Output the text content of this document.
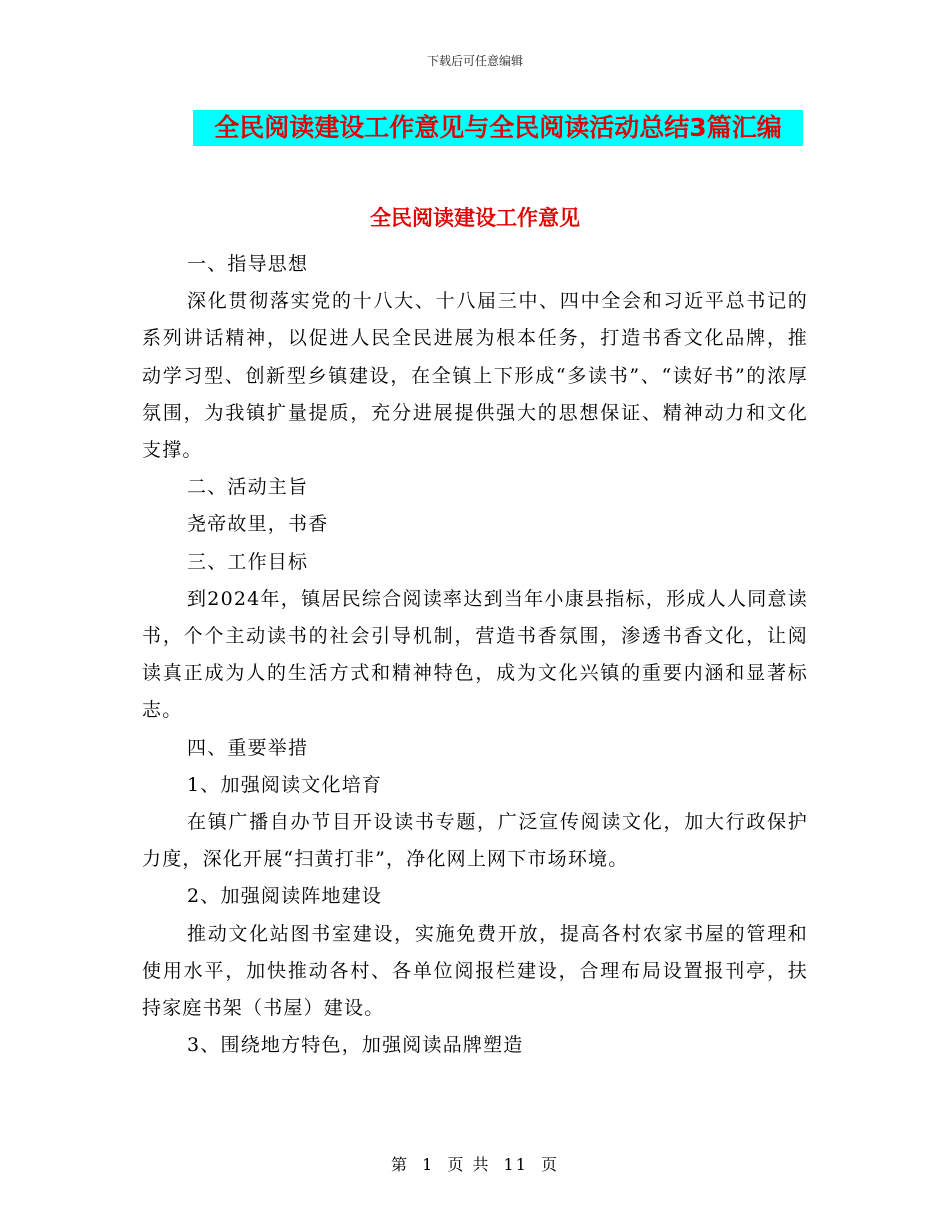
下载后可任意编辑
全民阅读建设工作意见与全民阅读活动总结3篇汇编
全民阅读建设工作意见

一、指导思想

深化贯彻落实党的十八大、十八届三中、四中全会和习近平总书记的系列讲话精神，以促进人民全民进展为根本任务，打造书香文化品牌，推动学习型、创新型乡镇建设，在全镇上下形成“多读书”、“读好书”的浓厚氛围，为我镇扩量提质，充分进展提供强大的思想保证、精神动力和文化支撑。

二、活动主旨

尧帝故里，书香

三、工作目标

到2024年，镇居民综合阅读率达到当年小康县指标，形成人人同意读书，个个主动读书的社会引导机制，营造书香氛围，渗透书香文化，让阅读真正成为人的生活方式和精神特色，成为文化兴镇的重要内涵和显著标志。

四、重要举措

1、加强阅读文化培育

在镇广播自办节目开设读书专题，广泛宣传阅读文化，加大行政保护力度，深化开展“扫黄打非”，净化网上网下市场环境。

2、加强阅读阵地建设

推动文化站图书室建设，实施免费开放，提高各村农家书屋的管理和使用水平，加快推动各村、各单位阅报栏建设，合理布局设置报刊亭，扶持家庭书架（书屋）建设。

3、围绕地方特色，加强阅读品牌塑造

第 1 页 共 11 页
